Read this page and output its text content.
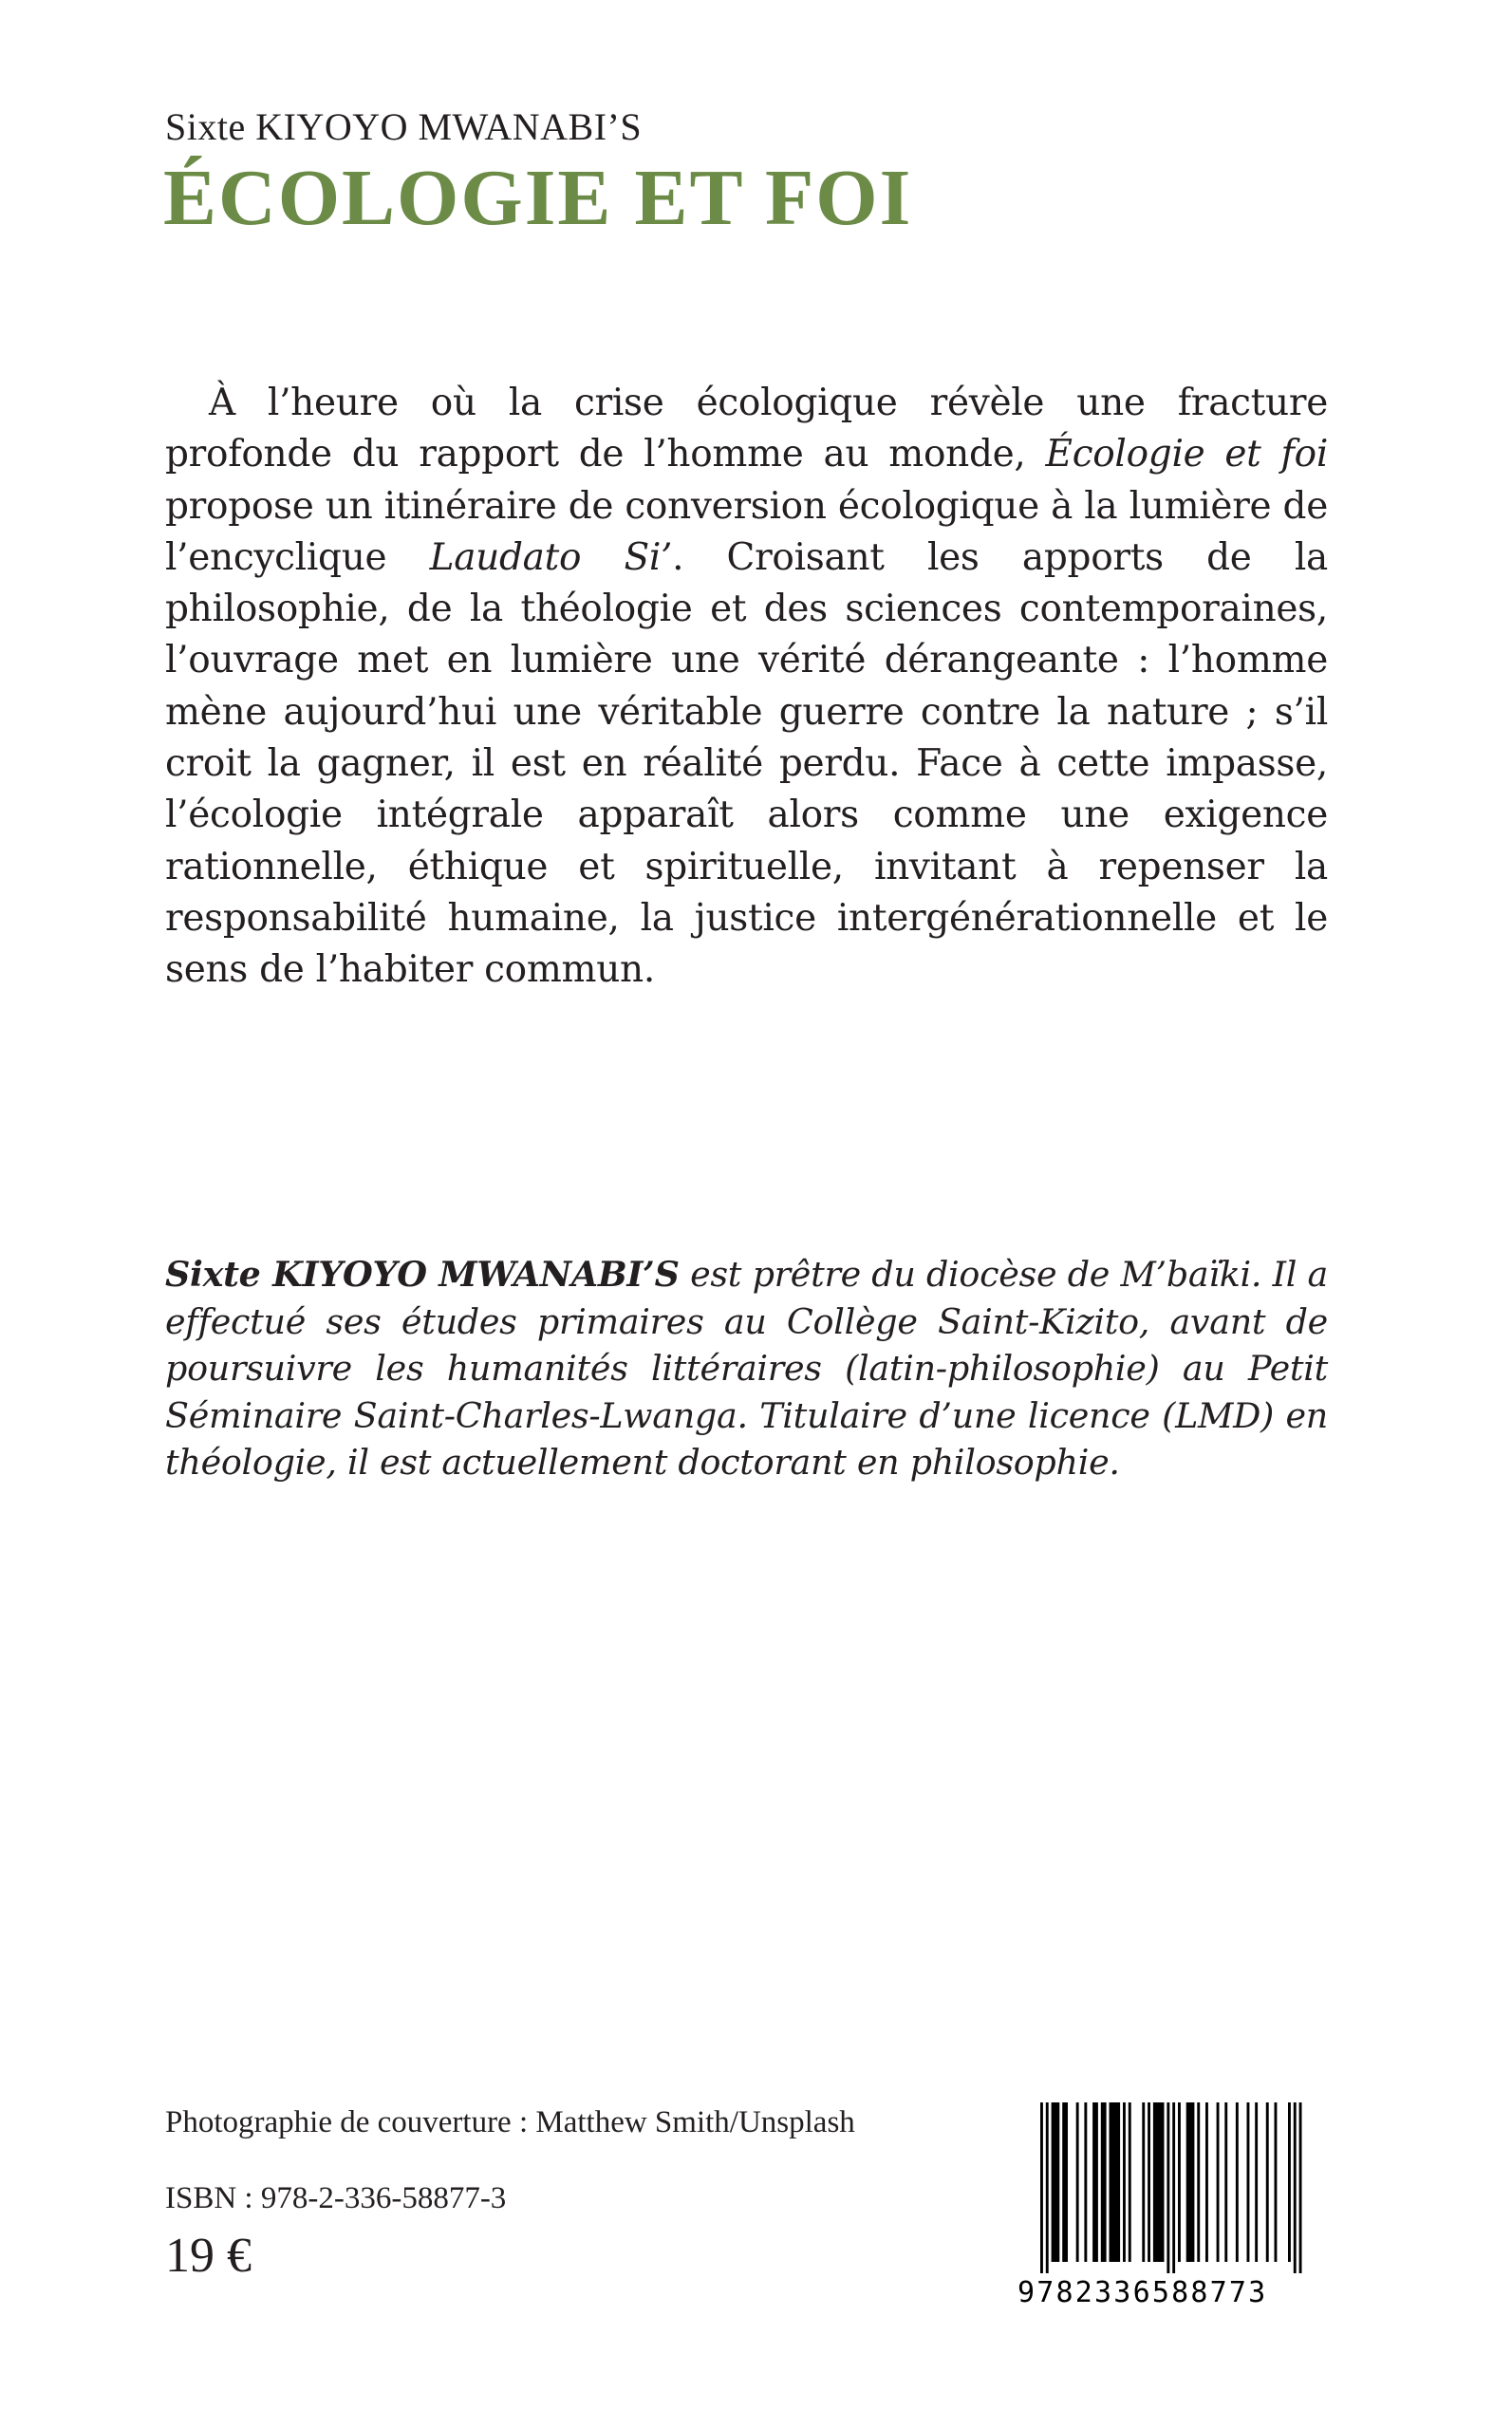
Sixte KIYOYO MWANABI’S
ÉCOLOGIE ET FOI

À l’heure où la crise écologique révèle une fracture profonde du rapport de l’homme au monde, Écologie et foi propose un itinéraire de conversion écologique à la lumière de l’encyclique Laudato Si’. Croisant les apports de la philosophie, de la théologie et des sciences contemporaines, l’ouvrage met en lumière une vérité dérangeante : l’homme mène aujourd’hui une véritable guerre contre la nature ; s’il croit la gagner, il est en réalité perdu. Face à cette impasse, l’écologie intégrale apparaît alors comme une exigence rationnelle, éthique et spirituelle, invitant à repenser la responsabilité humaine, la justice intergénérationnelle et le sens de l’habiter commun.

Sixte KIYOYO MWANABI’S est prêtre du diocèse de M’baïki. Il a effectué ses études primaires au Collège Saint-Kizito, avant de poursuivre les humanités littéraires (latin-philosophie) au Petit Séminaire Saint-Charles-Lwanga. Titulaire d’une licence (LMD) en théologie, il est actuellement doctorant en philosophie.

Photographie de couverture : Matthew Smith/Unsplash
ISBN : 978-2-336-58877-3
19 €
9782336588773
